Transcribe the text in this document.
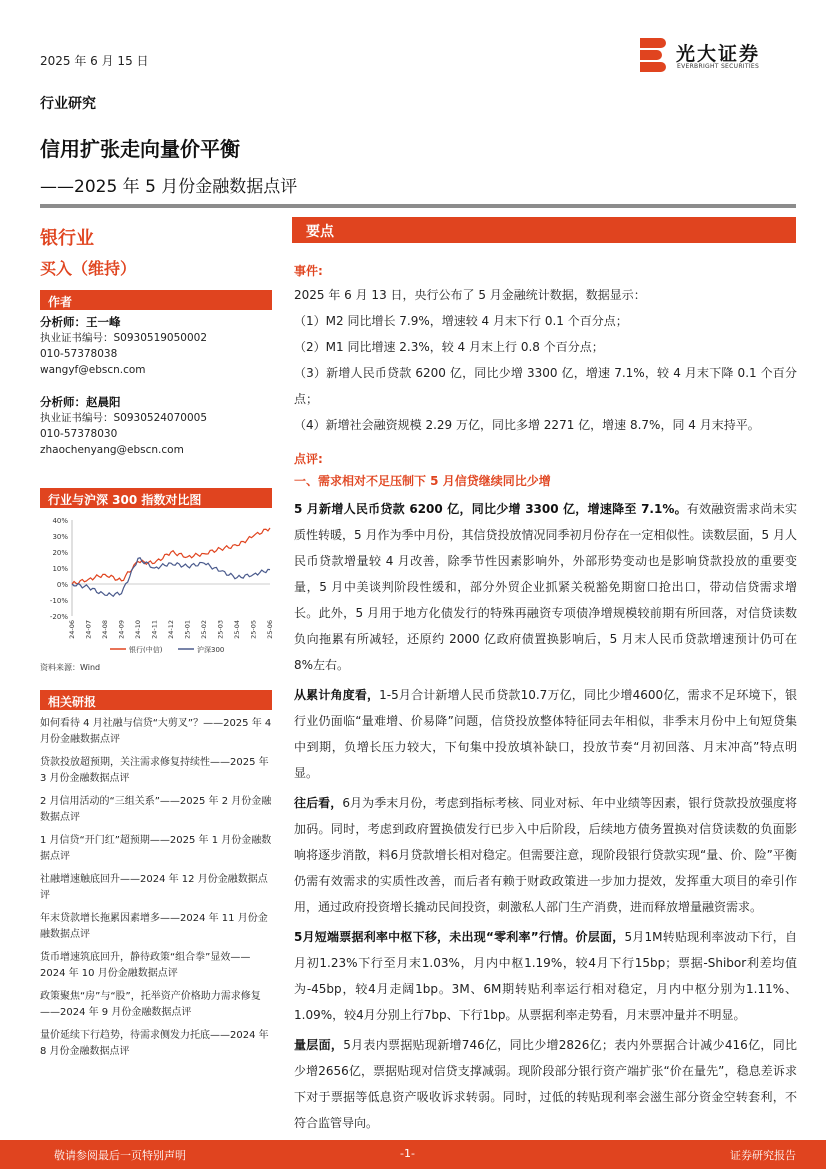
2025 年 6 月 15 日	光大证券
EVERBRIGHT SECURITIES
行业研究
信用扩张走向量价平衡
——2025 年 5 月份金融数据点评
银行业
买入（维持）
作者
分析师：王一峰
执业证书编号：S0930519050002
010-57378038
wangyf@ebscn.com
分析师：赵晨阳
执业证书编号：S0930524070005
010-57378030
zhaochenyang@ebscn.com
行业与沪深 300 指数对比图
40%
30%
20%
10%
0%
-10%
-20%
24-06 24-07 24-08 24-09 24-10 24-11 24-12 25-01 25-02 25-03 25-04 25-05 25-06
银行(中信)	沪深300
资料来源：Wind
相关研报
如何看待 4 月社融与信贷“大剪叉”？——2025 年 4 月份金融数据点评
贷款投放超预期，关注需求修复持续性——2025 年 3 月份金融数据点评
2 月信用活动的“三组关系”——2025 年 2 月份金融数据点评
1 月信贷“开门红”超预期——2025 年 1 月份金融数据点评
社融增速触底回升——2024 年 12 月份金融数据点评
年末贷款增长拖累因素增多——2024 年 11 月份金融数据点评
货币增速筑底回升，静待政策“组合拳”显效——2024 年 10 月份金融数据点评
政策聚焦“房”与“股”，托举资产价格助力需求修复——2024 年 9 月份金融数据点评
量价延续下行趋势，待需求侧发力托底——2024 年 8 月份金融数据点评
要点
事件:
2025 年 6 月 13 日，央行公布了 5 月金融统计数据，数据显示：
（1）M2 同比增长 7.9%，增速较 4 月末下行 0.1 个百分点；
（2）M1 同比增速 2.3%，较 4 月末上行 0.8 个百分点；
（3）新增人民币贷款 6200 亿，同比少增 3300 亿，增速 7.1%，较 4 月末下降 0.1 个百分点；
（4）新增社会融资规模 2.29 万亿，同比多增 2271 亿，增速 8.7%，同 4 月末持平。
点评:
一、需求相对不足压制下 5 月信贷继续同比少增
5 月新增人民币贷款 6200 亿，同比少增 3300 亿，增速降至 7.1%。有效融资需求尚未实质性转暖，5 月作为季中月份，其信贷投放情况同季初月份存在一定相似性。读数层面，5 月人民币贷款增量较 4 月改善，除季节性因素影响外，外部形势变动也是影响贷款投放的重要变量，5 月中美谈判阶段性缓和，部分外贸企业抓紧关税豁免期窗口抢出口，带动信贷需求增长。此外，5 月用于地方化债发行的特殊再融资专项债净增规模较前期有所回落，对信贷读数负向拖累有所减轻，还原约 2000 亿政府债置换影响后，5 月末人民币贷款增速预计仍可在 8%左右。
从累计角度看，1-5月合计新增人民币贷款10.7万亿，同比少增4600亿，需求不足环境下，银行业仍面临“量难增、价易降”问题，信贷投放整体特征同去年相似，非季末月份中上旬短贷集中到期，负增长压力较大，下旬集中投放填补缺口，投放节奏“月初回落、月末冲高”特点明显。
往后看，6月为季末月份，考虑到指标考核、同业对标、年中业绩等因素，银行贷款投放强度将加码。同时，考虑到政府置换债发行已步入中后阶段，后续地方债务置换对信贷读数的负面影响将逐步消散，料6月贷款增长相对稳定。但需要注意，现阶段银行贷款实现“量、价、险”平衡仍需有效需求的实质性改善，而后者有赖于财政政策进一步加力提效，发挥重大项目的牵引作用，通过政府投资增长撬动民间投资，刺激私人部门生产消费，进而释放增量融资需求。
5月短端票据利率中枢下移，未出现“零利率”行情。价层面，5月1M转贴现利率波动下行，自月初1.23%下行至月末1.03%，月内中枢1.19%，较4月下行15bp；票据-Shibor利差均值为-45bp，较4月走阔1bp。3M、6M期转贴利率运行相对稳定，月内中枢分别为1.11%、1.09%，较4月分别上行7bp、下行1bp。从票据利率走势看，月末票冲量并不明显。
量层面，5月表内票据贴现新增746亿，同比少增2826亿；表内外票据合计减少416亿，同比少增2656亿，票据贴现对信贷支撑减弱。现阶段部分银行资产端扩张“价在量先”，稳息差诉求下对于票据等低息资产吸收诉求转弱。同时，过低的转贴现利率会滋生部分资金空转套利，不符合监管导向。
敬请参阅最后一页特别声明	-1-	证券研究报告
